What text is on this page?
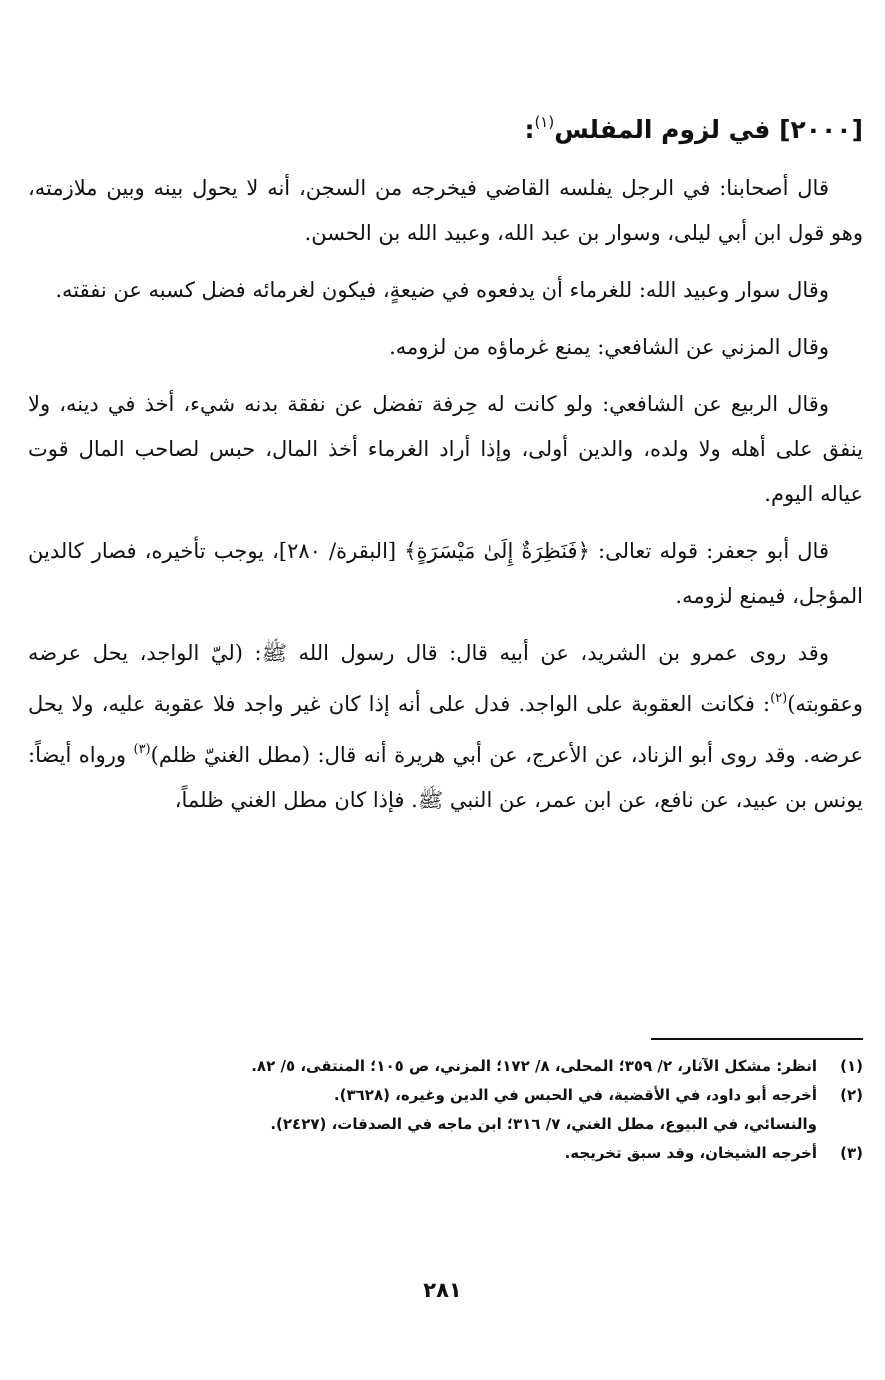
[٢٠٠٠] في لزوم المفلس$^{(١)}$:

قال أصحابنا: في الرجل يفلسه القاضي فيخرجه من السجن، أنه لا يحول بينه وبين ملازمته، وهو قول ابن أبي ليلى، وسوار بن عبد الله، وعبيد الله بن الحسن.

وقال سوار وعبيد الله: للغرماء أن يدفعوه في ضيعةٍ، فيكون لغرمائه فضل كسبه عن نفقته.

وقال المزني عن الشافعي: يمنع غرماؤه من لزومه.

وقال الربيع عن الشافعي: ولو كانت له حِرفة تفضل عن نفقة بدنه شيء، أخذ في دينه، ولا ينفق على أهله ولا ولده، والدين أولى، وإذا أراد الغرماء أخذ المال، حبس لصاحب المال قوت عياله اليوم.

قال أبو جعفر: قوله تعالى: ﴿فَنَظِرَةٌ إِلَىٰ مَيْسَرَةٍ﴾ [البقرة/ ٢٨٠]، يوجب تأخيره، فصار كالدين المؤجل، فيمنع لزومه.

وقد روى عمرو بن الشريد، عن أبيه قال: قال رسول الله ﷺ: (ليّ الواجد، يحل عرضه وعقوبته)$^{(٢)}$: فكانت العقوبة على الواجد. فدل على أنه إذا كان غير واجد فلا عقوبة عليه، ولا يحل عرضه. وقد روى أبو الزناد، عن الأعرج، عن أبي هريرة أنه قال: (مطل الغنيّ ظلم)$^{(٣)}$ ورواه أيضاً: يونس بن عبيد، عن نافع، عن ابن عمر، عن النبي ﷺ. فإذا كان مطل الغني ظلماً،

(١)
انظر: مشكل الآثار، ٢/ ٣٥٩؛ المحلى، ٨/ ١٧٢؛ المزني، ص ١٠٥؛ المنتقى، ٥/ ٨٢.
(٢)
أخرجه أبو داود، في الأقضية، في الحبس في الدين وغيره، (٣٦٢٨).
والنسائي، في البيوع، مطل الغني، ٧/ ٣١٦؛ ابن ماجه في الصدقات، (٢٤٢٧).
(٣)
أخرجه الشيخان، وقد سبق تخريجه.
٢٨١
